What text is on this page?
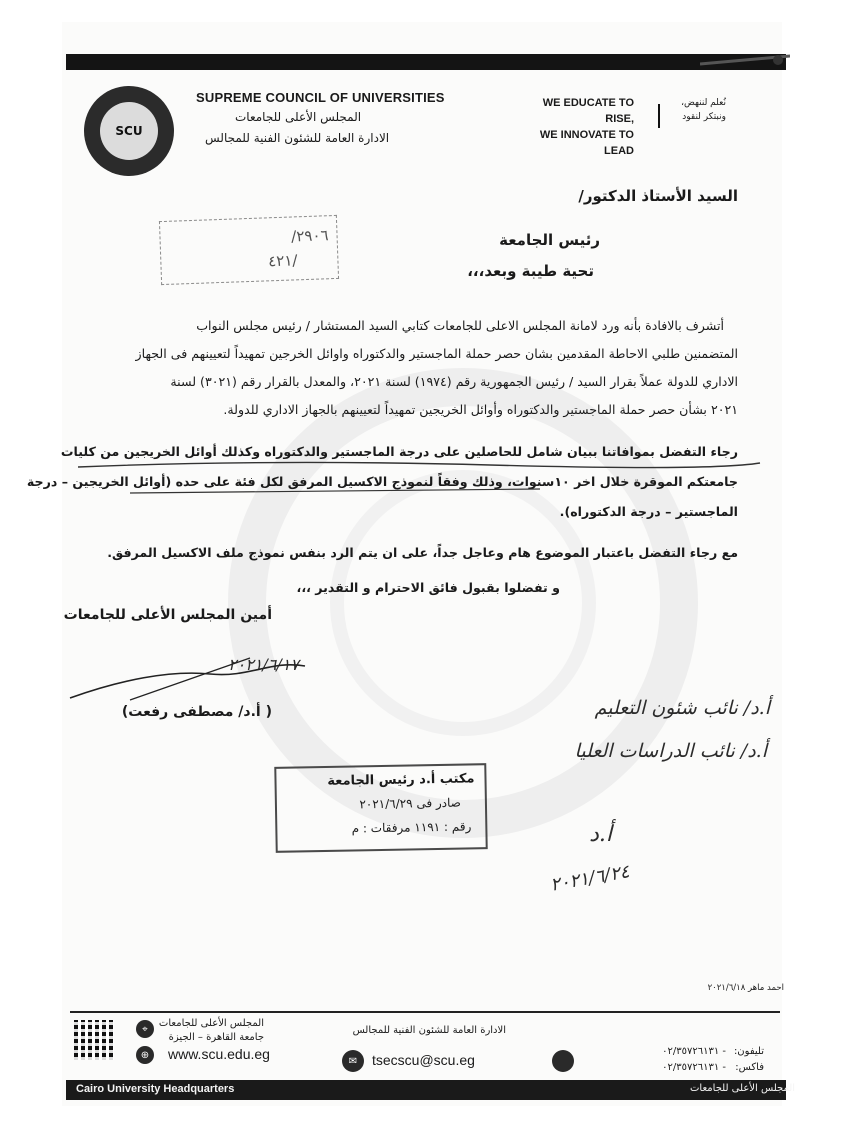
SCU
SUPREME COUNCIL OF UNIVERSITIES
المجلس الأعلى للجامعات
الادارة العامة للشئون الفنية للمجالس
WE EDUCATE TO RISE,
WE INNOVATE TO LEAD
نُعلم لننهض،
ونبتكر لنقود
السيد الأستاذ الدكتور/
٢٩٠٦/
/٤٢١
رئيس الجامعة
تحية طيبة وبعد،،،
أتشرف بالافادة بأنه ورد لامانة المجلس الاعلى للجامعات كتابي السيد المستشار / رئيس مجلس النواب
المتضمنين طلبي الاحاطة المقدمين بشان حصر حملة الماجستير والدكتوراه واوائل الخرجين تمهيداً لتعيينهم فى الجهاز
الاداري للدولة عملاً بقرار السيد / رئيس الجمهورية رقم (١٩٧٤) لسنة ٢٠٢١، والمعدل بالقرار رقم (٣٠٢١) لسنة
٢٠٢١ بشأن حصر حملة الماجستير والدكتوراه وأوائل الخريجين تمهيداً لتعيينهم بالجهاز الاداري للدولة.
رجاء التفضل بموافاتنا ببيان شامل للحاصلين على درجة الماجستير والدكتوراه وكذلك أوائل الخريجين من كليات
جامعتكم الموقرة خلال اخر ١٠سنوات، وذلك وفقاً لنموذج الاكسيل المرفق لكل فئة على حده (أوائل الخريجين – درجة
الماجستير – درجة الدكتوراه).
مع رجاء التفضل باعتبار الموضوع هام وعاجل جداً، على ان يتم الرد بنفس نموذج ملف الاكسيل المرفق.
و تفضلوا بقبول فائق الاحترام و التقدير ،،،
أمين المجلس الأعلى للجامعات
٢٠٢١/٦/١٧
( أ.د/ مصطفى رفعت)	أ.د/ نائب شئون التعليم
أ.د/ نائب الدراسات العليا
أ.د
٢٠٢١/٦/٢٤
مكتب أ.د رئيس الجامعة
صادر فى ٢٠٢١/٦/٢٩
رقم : ١١٩١ مرفقات : م
احمد ماهر ٢٠٢١/٦/١٨
⌖	المجلس الأعلى للجامعات
جامعة القاهرة – الجيزة
⊕	www.scu.edu.eg
الادارة العامة للشئون الفنية للمجالس
✉	tsecscu@scu.eg
٠٢/٣٥٧٢٦١٣١ - تليفون:
٠٢/٣٥٧٢٦١٣١ - فاكس:
Cairo University Headquarters	المجلس الأعلى للجامعات
